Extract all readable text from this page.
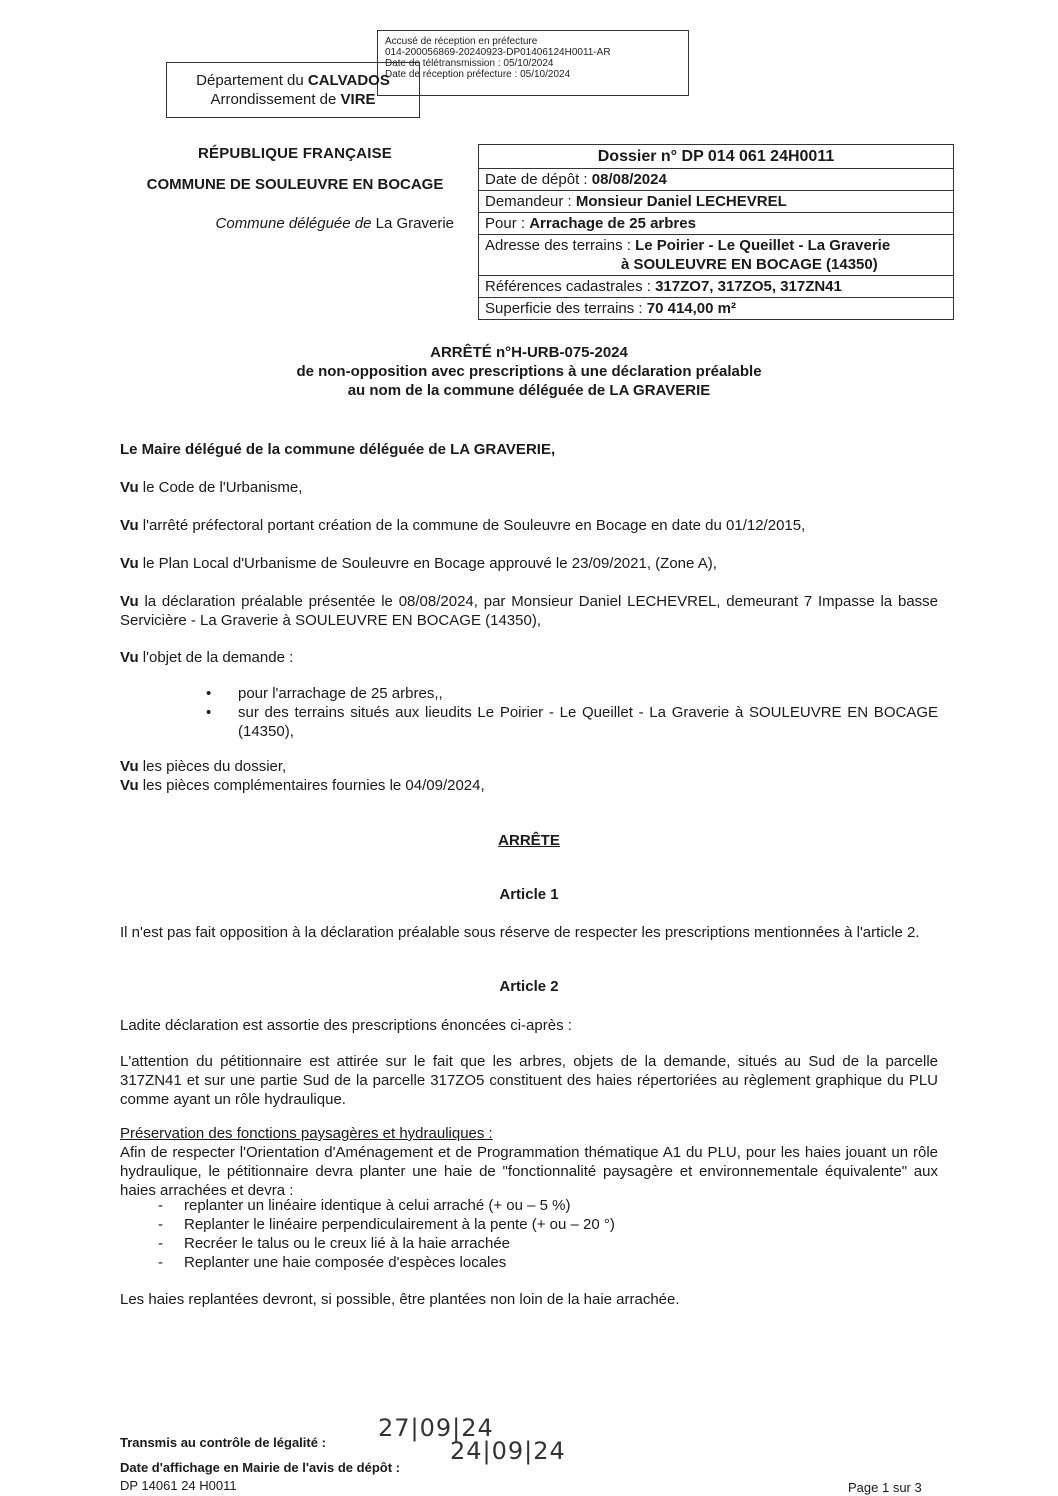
Accusé de réception en préfecture
014-200056869-20240923-DP01406124H0011-AR
Date de télétransmission : 05/10/2024
Date de réception préfecture : 05/10/2024
Département du CALVADOS
Arrondissement de VIRE
RÉPUBLIQUE FRANÇAISE
COMMUNE DE SOULEUVRE EN BOCAGE
Commune déléguée de La Graverie
Dossier n° DP 014 061 24H0011
Date de dépôt : 08/08/2024
Demandeur : Monsieur Daniel LECHEVREL
Pour : Arrachage de 25 arbres
Adresse des terrains : Le Poirier - Le Queillet - La Graverie
à SOULEUVRE EN BOCAGE (14350)
Références cadastrales : 317ZO7, 317ZO5, 317ZN41
Superficie des terrains : 70 414,00 m²
ARRÊTÉ n°H-URB-075-2024
de non-opposition avec prescriptions à une déclaration préalable
au nom de la commune déléguée de LA GRAVERIE
Le Maire délégué de la commune déléguée de LA GRAVERIE,
Vu le Code de l'Urbanisme,
Vu l'arrêté préfectoral portant création de la commune de Souleuvre en Bocage en date du 01/12/2015,
Vu le Plan Local d'Urbanisme de Souleuvre en Bocage approuvé le 23/09/2021, (Zone A),
Vu la déclaration préalable présentée le 08/08/2024, par Monsieur Daniel LECHEVREL, demeurant 7 Impasse la basse Servicière - La Graverie à SOULEUVRE EN BOCAGE (14350),
Vu l'objet de la demande :
• pour l'arrachage de 25 arbres,,
• sur des terrains situés aux lieudits Le Poirier - Le Queillet - La Graverie à SOULEUVRE EN BOCAGE (14350),
Vu les pièces du dossier,
Vu les pièces complémentaires fournies le 04/09/2024,
ARRÊTE
Article 1
Il n'est pas fait opposition à la déclaration préalable sous réserve de respecter les prescriptions mentionnées à l'article 2.
Article 2
Ladite déclaration est assortie des prescriptions énoncées ci-après :
L'attention du pétitionnaire est attirée sur le fait que les arbres, objets de la demande, situés au Sud de la parcelle 317ZN41 et sur une partie Sud de la parcelle 317ZO5 constituent des haies répertoriées au règlement graphique du PLU comme ayant un rôle hydraulique.
Préservation des fonctions paysagères et hydrauliques :
Afin de respecter l'Orientation d'Aménagement et de Programmation thématique A1 du PLU, pour les haies jouant un rôle hydraulique, le pétitionnaire devra planter une haie de "fonctionnalité paysagère et environnementale équivalente" aux haies arrachées et devra :
- replanter un linéaire identique à celui arraché (+ ou – 5 %)
- Replanter le linéaire perpendiculairement à la pente (+ ou – 20 °)
- Recréer le talus ou le creux lié à la haie arrachée
- Replanter une haie composée d'espèces locales
Les haies replantées devront, si possible, être plantées non loin de la haie arrachée.
Transmis au contrôle de légalité :
27|09|24
Date d'affichage en Mairie de l'avis de dépôt :
24|09|24
DP 14061 24 H0011	Page 1 sur 3
